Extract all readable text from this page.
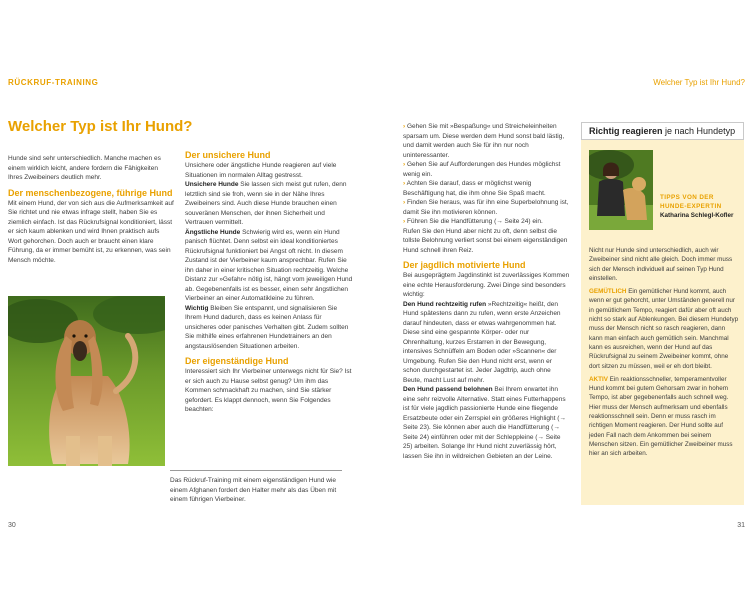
RÜCKRUF-TRAINING	Welcher Typ ist Ihr Hund?
Welcher Typ ist Ihr Hund?

Hunde sind sehr unterschiedlich. Manche machen es einem wirklich leicht, andere fordern die Fähigkeiten Ihres Zweibeiners deutlich mehr.

Der menschenbezogene, führige Hund

Mit einem Hund, der von sich aus die Aufmerksamkeit auf Sie richtet und nie etwas infrage stellt, haben Sie es ziemlich einfach. Ist das Rückrufsignal konditioniert, lässt er sich kaum ablenken und wird Ihnen praktisch aufs Wort gehorchen. Doch auch er braucht einen klare Führung, da er immer bemüht ist, zu erkennen, was sein Mensch möchte.

Das Rückruf-Training mit einem eigenständigen Hund wie einem Afghanen fordert den Halter mehr als das Üben mit einem führigen Vierbeiner.
30
Der unsichere Hund

Unsichere oder ängstliche Hunde reagieren auf viele Situationen im normalen Alltag gestresst.

Unsichere Hunde Sie lassen sich meist gut rufen, denn letztlich sind sie froh, wenn sie in der Nähe Ihres Zweibeiners sind. Auch diese Hunde brauchen einen souveränen Menschen, der ihnen Sicherheit und Vertrauen vermittelt.

Ängstliche Hunde Schwierig wird es, wenn ein Hund panisch flüchtet. Denn selbst ein ideal konditioniertes Rückrufsignal funktioniert bei Angst oft nicht. In diesem Zustand ist der Vierbeiner kaum ansprechbar. Rufen Sie ihn daher in einer kritischen Situation rechtzeitig. Welche Distanz zur »Gefahr« nötig ist, hängt vom jeweiligen Hund ab. Gegebenenfalls ist es besser, einen sehr ängstlichen Vierbeiner an einer Automatikleine zu führen.

Wichtig Bleiben Sie entspannt, und signalisieren Sie Ihrem Hund dadurch, dass es keinen Anlass für unsicheres oder panisches Verhalten gibt. Zudem sollten Sie mithilfe eines erfahrenen Hundetrainers an den angstauslösenden Situationen arbeiten.

Der eigenständige Hund

Interessiert sich Ihr Vierbeiner unterwegs nicht für Sie? Ist er sich auch zu Hause selbst genug? Um ihm das Kommen schmackhaft zu machen, sind Sie stärker gefordert. Es klappt dennoch, wenn Sie Folgendes beachten:

› Gehen Sie mit »Bespaßung« und Streicheleinheiten sparsam um. Diese werden dem Hund sonst bald lästig, und damit werden auch Sie für ihn nur noch uninteressanter.

› Gehen Sie auf Aufforderungen des Hundes möglichst wenig ein.

› Achten Sie darauf, dass er möglichst wenig Beschäftigung hat, die ihm ohne Sie Spaß macht.

› Finden Sie heraus, was für ihn eine Superbelohnung ist, damit Sie ihn motivieren können.

› Führen Sie die Handfütterung (→ Seite 24) ein.

Rufen Sie den Hund aber nicht zu oft, denn selbst die tollste Belohnung verliert sonst bei einem eigenständigen Hund schnell ihren Reiz.

Der jagdlich motivierte Hund

Bei ausgeprägtem Jagdinstinkt ist zuverlässiges Kommen eine echte Herausforderung. Zwei Dinge sind besonders wichtig:

Den Hund rechtzeitig rufen »Rechtzeitig« heißt, den Hund spätestens dann zu rufen, wenn erste Anzeichen darauf hindeuten, dass er etwas wahrgenommen hat. Diese sind eine gespannte Körper- oder nur Ohrenhaltung, kurzes Erstarren in der Bewegung, intensives Schnüffeln am Boden oder »Scannen« der Umgebung. Rufen Sie den Hund nicht erst, wenn er schon durchgestartet ist. Jeder Jagdtrip, auch ohne Beute, macht Lust auf mehr.

Den Hund passend belohnen Bei Ihrem erwartet ihn eine sehr reizvolle Alternative. Statt eines Futterhappens ist für viele jagdlich passionierte Hunde eine fliegende Ersatzbeute oder ein Zerrspiel ein größeres Highlight (→ Seite 23). Sie können aber auch die Handfütterung (→ Seite 24) einführen oder mit der Schleppleine (→ Seite 25) arbeiten. Solange Ihr Hund nicht zuverlässig hört, lassen Sie ihn in wildreichen Gebieten an der Leine.

Richtig reagieren je nach Hundetyp
TIPPS VON DER HUNDE-EXPERTIN
Katharina Schlegl-Kofler

Nicht nur Hunde sind unterschiedlich, auch wir Zweibeiner sind nicht alle gleich. Doch immer muss sich der Mensch individuell auf seinen Typ Hund einstellen.

GEMÜTLICH Ein gemütlicher Hund kommt, auch wenn er gut gehorcht, unter Umständen generell nur in gemütlichem Tempo, reagiert dafür aber oft auch nicht so stark auf Ablenkungen. Bei diesem Hundetyp muss der Mensch nicht so rasch reagieren, dann kann man einfach auch gemütlich sein. Manchmal kann es ausreichen, wenn der Hund auf das Rückrufsignal zu seinem Zweibeiner kommt, ohne dort sitzen zu müssen, weil er eh dort bleibt.

AKTIV Ein reaktionsschneller, temperamentvoller Hund kommt bei gutem Gehorsam zwar in hohem Tempo, ist aber gegebenenfalls auch schnell weg. Hier muss der Mensch aufmerksam und ebenfalls reaktionsschnell sein. Denn er muss rasch im richtigen Moment reagieren. Der Hund sollte auf jeden Fall nach dem Ankommen bei seinem Menschen sitzen. Ein gemütlicher Zweibeiner muss hier an sich arbeiten.

31
